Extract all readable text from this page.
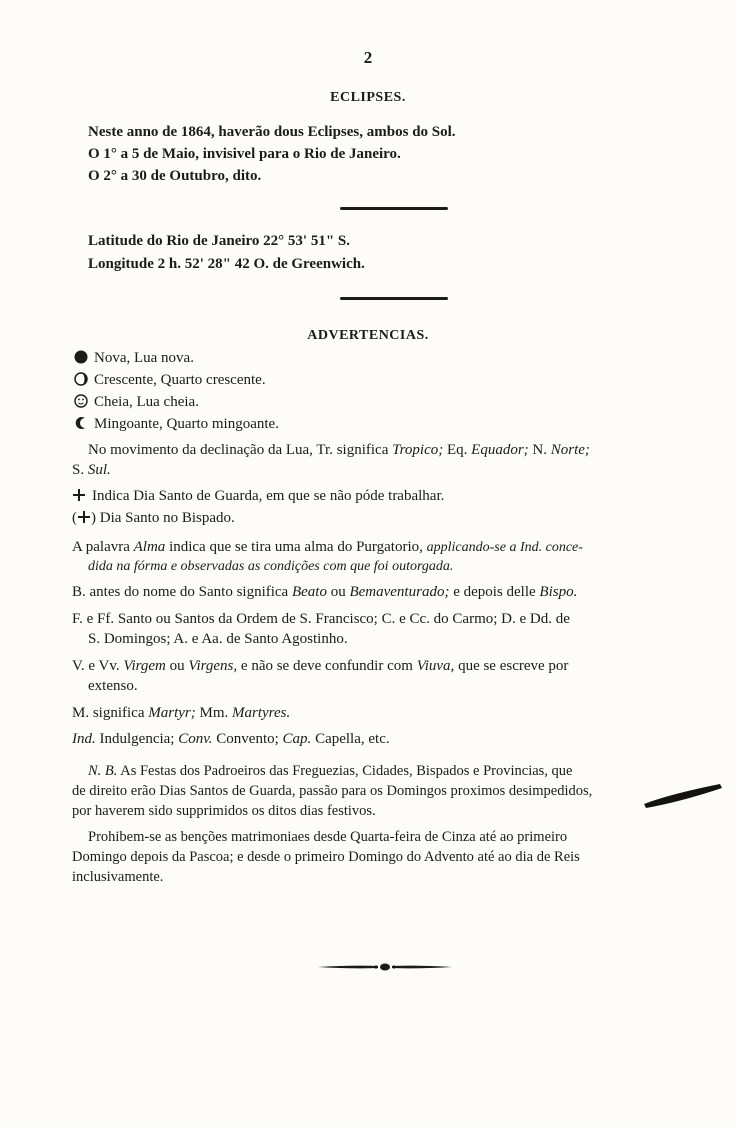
2
ECLIPSES.
Neste anno de 1864, haverão dous Eclipses, ambos do Sol.
O 1° a 5 de Maio, invisivel para o Rio de Janeiro.
O 2° a 30 de Outubro, dito.
Latitude do Rio de Janeiro 22° 53' 51" S.
Longitude 2 h. 52' 28" 42 O. de Greenwich.
ADVERTENCIAS.
Nova, Lua nova.
Crescente, Quarto crescente.
Cheia, Lua cheia.
Mingoante, Quarto mingoante.
No movimento da declinação da Lua, Tr. significa Tropico; Eq. Equador; N. Norte;
S. Sul.
Indica Dia Santo de Guarda, em que se não póde trabalhar.
( ) Dia Santo no Bispado.
A palavra Alma indica que se tira uma alma do Purgatorio, applicando-se a Ind. conce-
dida na fórma e observadas as condições com que foi outorgada.
B. antes do nome do Santo significa Beato ou Bemaventurado; e depois delle Bispo.
F. e Ff. Santo ou Santos da Ordem de S. Francisco; C. e Cc. do Carmo; D. e Dd. de
S. Domingos; A. e Aa. de Santo Agostinho.
V. e Vv. Virgem ou Virgens, e não se deve confundir com Viuva, que se escreve por
extenso.
M. significa Martyr; Mm. Martyres.
Ind. Indulgencia; Conv. Convento; Cap. Capella, etc.
N. B. As Festas dos Padroeiros das Freguezias, Cidades, Bispados e Provincias, que
de direito erão Dias Santos de Guarda, passão para os Domingos proximos desimpedidos,
por haverem sido supprimidos os ditos dias festivos.
Prohibem-se as benções matrimoniaes desde Quarta-feira de Cinza até ao primeiro
Domingo depois da Pascoa; e desde o primeiro Domingo do Advento até ao dia de Reis
inclusivamente.
